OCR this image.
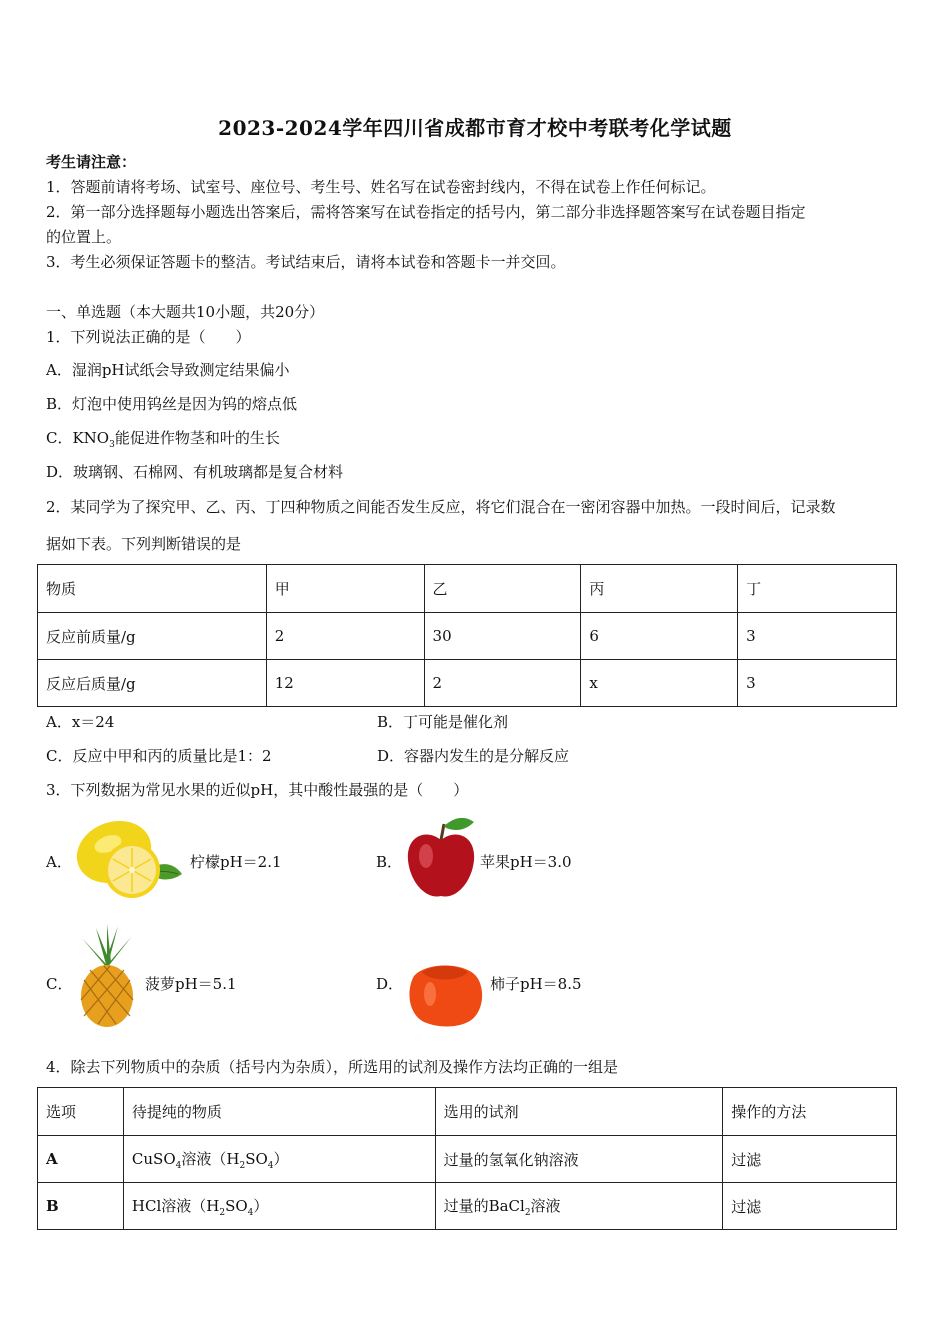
2023-2024学年四川省成都市育才校中考联考化学试题
考生请注意：
1．答题前请将考场、试室号、座位号、考生号、姓名写在试卷密封线内，不得在试卷上作任何标记。
2．第一部分选择题每小题选出答案后，需将答案写在试卷指定的括号内，第二部分非选择题答案写在试卷题目指定
的位置上。
3．考生必须保证答题卡的整洁。考试结束后，请将本试卷和答题卡一并交回。
一、单选题（本大题共10小题，共20分）
1．下列说法正确的是（　　）
A．湿润pH试纸会导致测定结果偏小
B．灯泡中使用钨丝是因为钨的熔点低
C．$KNO_3$能促进作物茎和叶的生长
D．玻璃钢、石棉网、有机玻璃都是复合材料
2．某同学为了探究甲、乙、丙、丁四种物质之间能否发生反应，将它们混合在一密闭容器中加热。一段时间后，记录数
据如下表。下列判断错误的是
物质	甲	乙	丙	丁
反应前质量/g	2	30	6	3
反应后质量/g	12	2	x	3
A．x＝24	B．丁可能是催化剂
C．反应中甲和丙的质量比是1：2	D．容器内发生的是分解反应
3．下列数据为常见水果的近似pH，其中酸性最强的是（　　）
A．	柠檬pH＝2.1	B．	苹果pH＝3.0
C．	菠萝pH＝5.1	D．	柿子pH＝8.5
4．除去下列物质中的杂质（括号内为杂质），所选用的试剂及操作方法均正确的一组是
选项	待提纯的物质	选用的试剂	操作的方法
A	CuSO$_4$溶液$(H_2SO_4)$	过量的氢氧化钠溶液	过滤
B	HCl溶液$(H_2SO_4)$	过量的BaCl$_2$溶液	过滤
